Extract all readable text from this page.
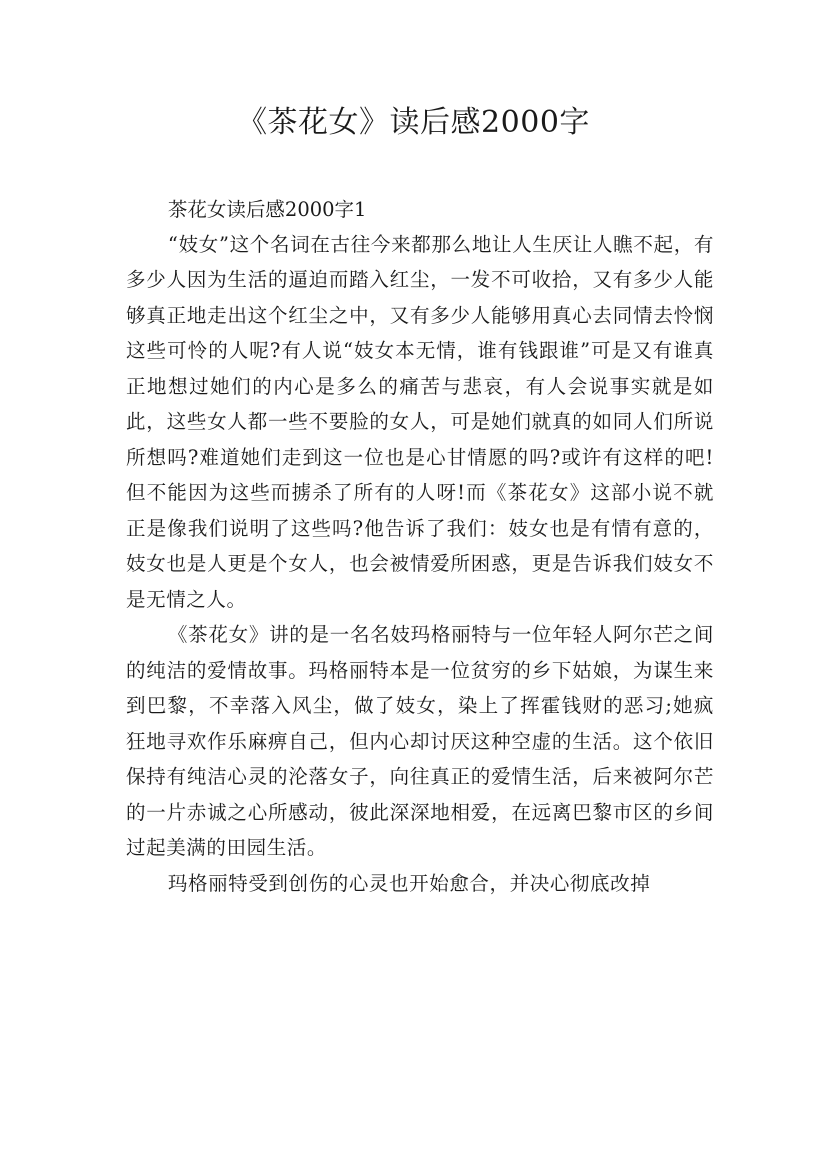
《茶花女》读后感2000字

茶花女读后感2000字1

“妓女”这个名词在古往今来都那么地让人生厌让人瞧不起，有多少人因为生活的逼迫而踏入红尘，一发不可收拾，又有多少人能够真正地走出这个红尘之中，又有多少人能够用真心去同情去怜悯这些可怜的人呢?有人说“妓女本无情，谁有钱跟谁”可是又有谁真正地想过她们的内心是多么的痛苦与悲哀，有人会说事实就是如此，这些女人都一些不要脸的女人，可是她们就真的如同人们所说所想吗?难道她们走到这一位也是心甘情愿的吗?或许有这样的吧!但不能因为这些而掳杀了所有的人呀!而《茶花女》这部小说不就正是像我们说明了这些吗?他告诉了我们：妓女也是有情有意的，妓女也是人更是个女人，也会被情爱所困惑，更是告诉我们妓女不是无情之人。

《茶花女》讲的是一名名妓玛格丽特与一位年轻人阿尔芒之间的纯洁的爱情故事。玛格丽特本是一位贫穷的乡下姑娘，为谋生来到巴黎，不幸落入风尘，做了妓女，染上了挥霍钱财的恶习;她疯狂地寻欢作乐麻痹自己，但内心却讨厌这种空虚的生活。这个依旧保持有纯洁心灵的沦落女子，向往真正的爱情生活，后来被阿尔芒的一片赤诚之心所感动，彼此深深地相爱，在远离巴黎市区的乡间过起美满的田园生活。

玛格丽特受到创伤的心灵也开始愈合，并决心彻底改掉
